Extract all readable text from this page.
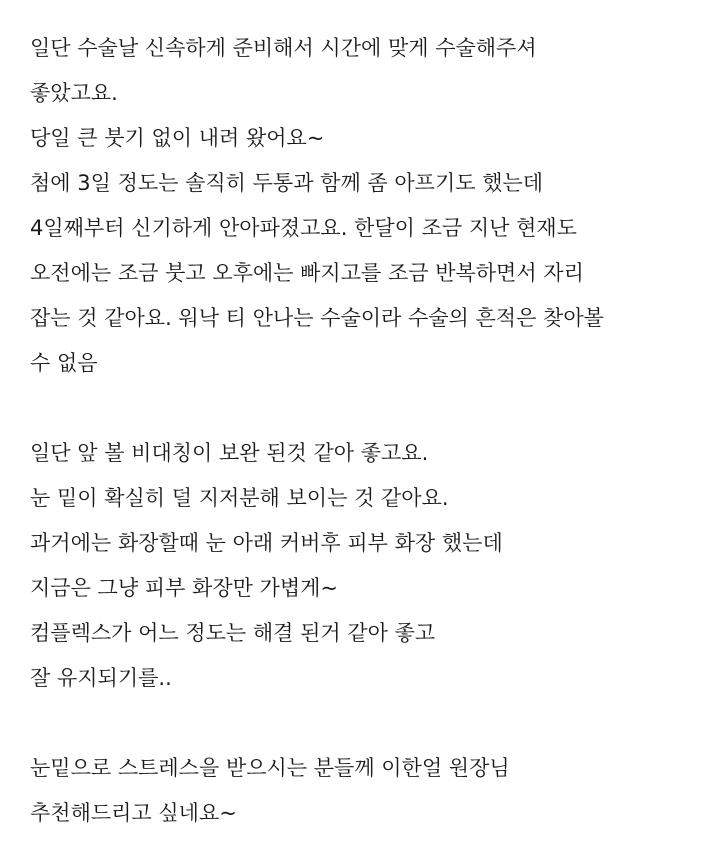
일단 수술날 신속하게 준비해서 시간에 맞게 수술해주셔
좋았고요.
당일 큰 붓기 없이 내려 왔어요~
첨에 3일 정도는 솔직히 두통과 함께 좀 아프기도 했는데
4일째부터 신기하게 안아파졌고요. 한달이 조금 지난 현재도
오전에는 조금 붓고 오후에는 빠지고를 조금 반복하면서 자리
잡는 것 같아요. 워낙 티 안나는 수술이라 수술의 흔적은 찾아볼
수 없음
일단 앞 볼 비대칭이 보완 된것 같아 좋고요.
눈 밑이 확실히 덜 지저분해 보이는 것 같아요.
과거에는 화장할때 눈 아래 커버후 피부 화장 했는데
지금은 그냥 피부 화장만 가볍게~
컴플렉스가 어느 정도는 해결 된거 같아 좋고
잘 유지되기를..
눈밑으로 스트레스을 받으시는 분들께 이한얼 원장님
추천해드리고 싶네요~
